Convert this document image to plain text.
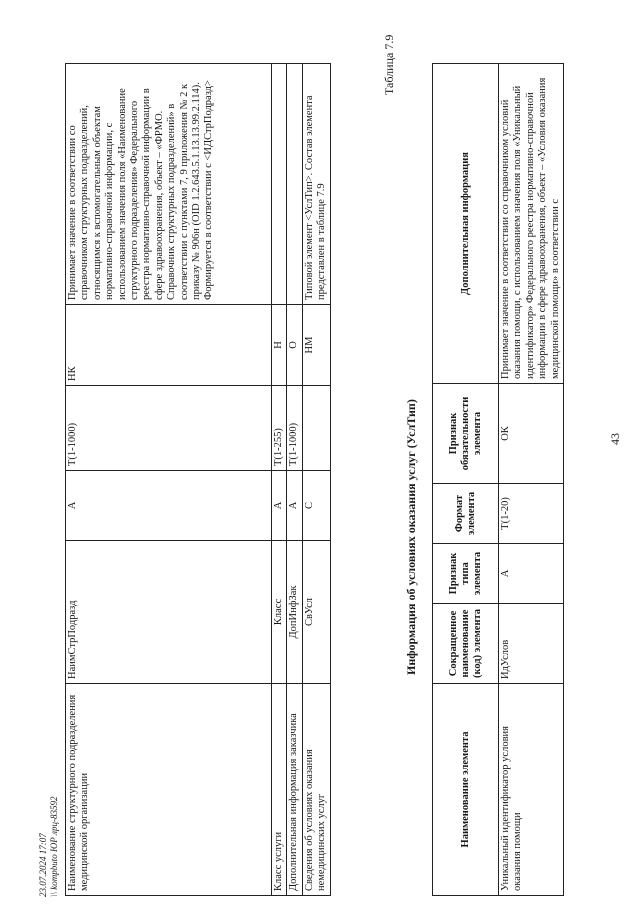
43
23.07.2024 17:07 \\ kompbuto ЮР лрц-83592 Наименование структурного подразделения медицинской организации	НаимСтрПодразд	А	Т(1-1000)	НК	Принимает значение в соответствии со справочником структурных подразделений, относящимся к вспомогательным объектам нормативно-справочной информации, с использованием значения поля «Наименование структурного подразделения» Федерального реестра нормативно-справочной информации в сфере здравоохранения, объект – «ФРМО. Справочник структурных подразделений» в соответствии с пунктами 7, 9 приложения № 2 к приказу № 906н (OID 1.2.643.5.1.13.13.99.2.114). Формируется в соответствии с <ИДСтрПодразд>
Класс услуги	Класс	А	Т(1-255)	Н	
Дополнительная информация заказчика	ДопИнфЗак	А	Т(1-1000)	О	
Сведения об условиях оказания немедицинских услуг	СвУсл	С		НМ	Типовой элемент <УслТип>. Состав элемента представлен в таблице 7.9
Таблица 7.9
Информация об условиях оказания услуг (УслТип)
Наименование элемента	Сокращенное наименование (код) элемента	Признак типа элемента	Формат элемента	Признак обязательности элемента	Дополнительная информация
Уникальный идентификатор условия оказания помощи	ИдУслов	А	Т(1-20)	ОК	Принимает значение в соответствии со справочником условий оказания помощи, с использованием значения поля «Уникальный идентификатор» Федерального реестра нормативно-справочной информации в сфере здравоохранения, объект – «Условия оказания медицинской помощи» в соответствии с
